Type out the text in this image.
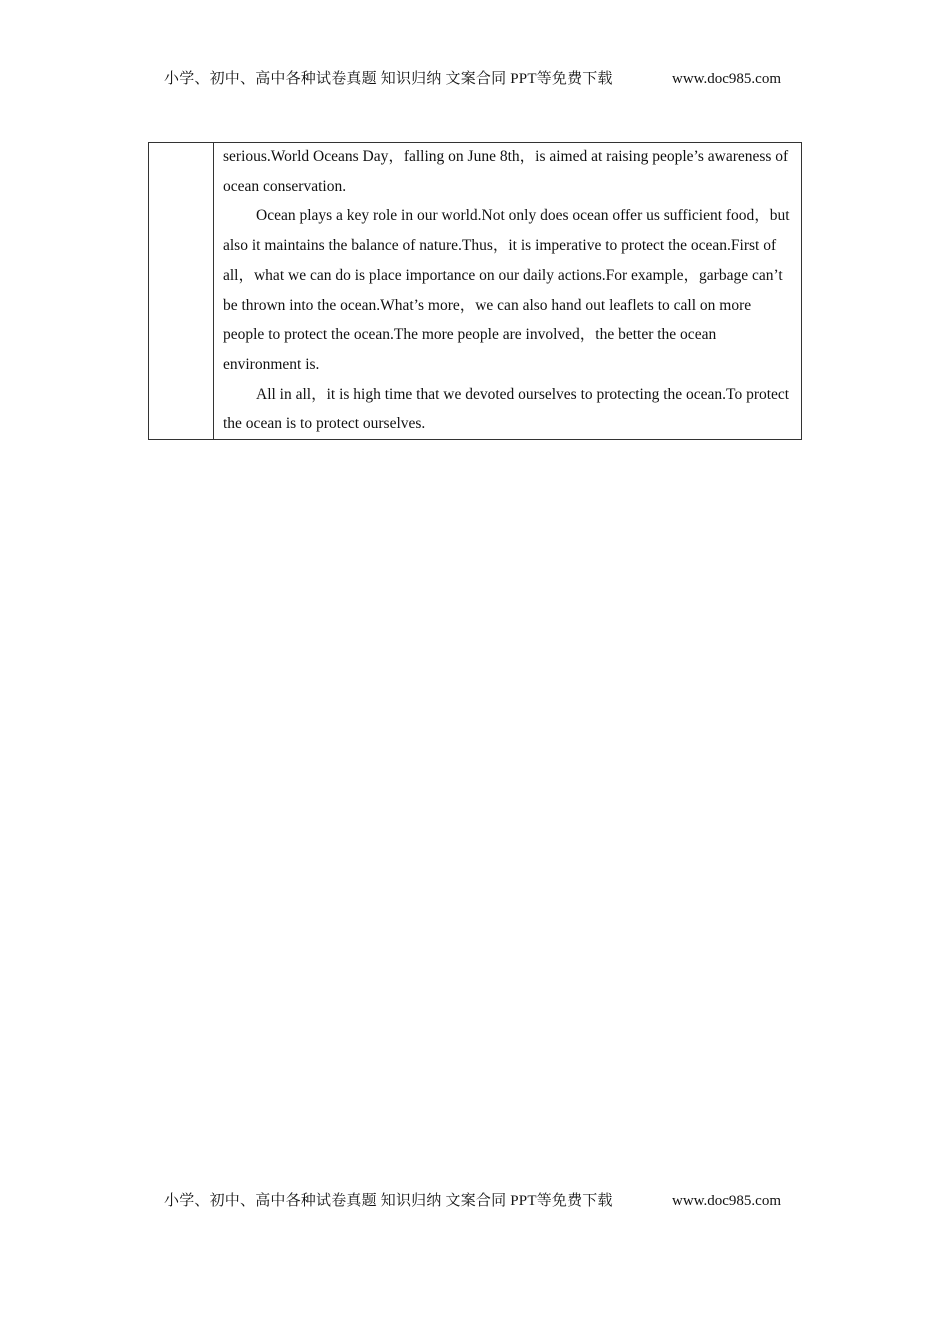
小学、初中、高中各种试卷真题 知识归纳 文案合同 PPT等免费下载	www.doc985.com

serious.World Oceans Day，falling on June 8th，is aimed at raising people’s awareness of ocean conservation.

Ocean plays a key role in our world.Not only does ocean offer us sufficient food，but also it maintains the balance of nature.Thus，it is imperative to protect the ocean.First of all，what we can do is place importance on our daily actions.For example，garbage can’t be thrown into the ocean.What’s more，we can also hand out leaflets to call on more people to protect the ocean.The more people are involved，the better the ocean environment is.

All in all，it is high time that we devoted ourselves to protecting the ocean.To protect the ocean is to protect ourselves.

小学、初中、高中各种试卷真题 知识归纳 文案合同 PPT等免费下载	www.doc985.com
